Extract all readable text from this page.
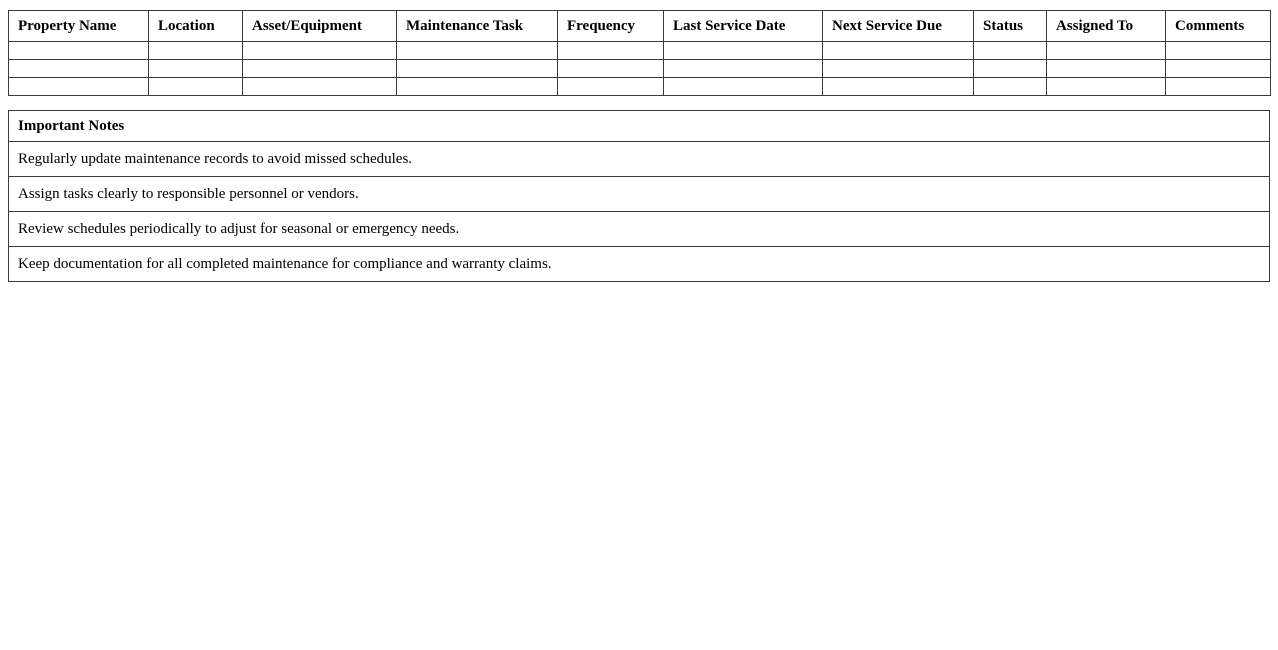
Property Name	Location	Asset/Equipment	Maintenance Task	Frequency	Last Service Date	Next Service Due	Status	Assigned To	Comments

Important Notes
Regularly update maintenance records to avoid missed schedules.
Assign tasks clearly to responsible personnel or vendors.
Review schedules periodically to adjust for seasonal or emergency needs.
Keep documentation for all completed maintenance for compliance and warranty claims.
